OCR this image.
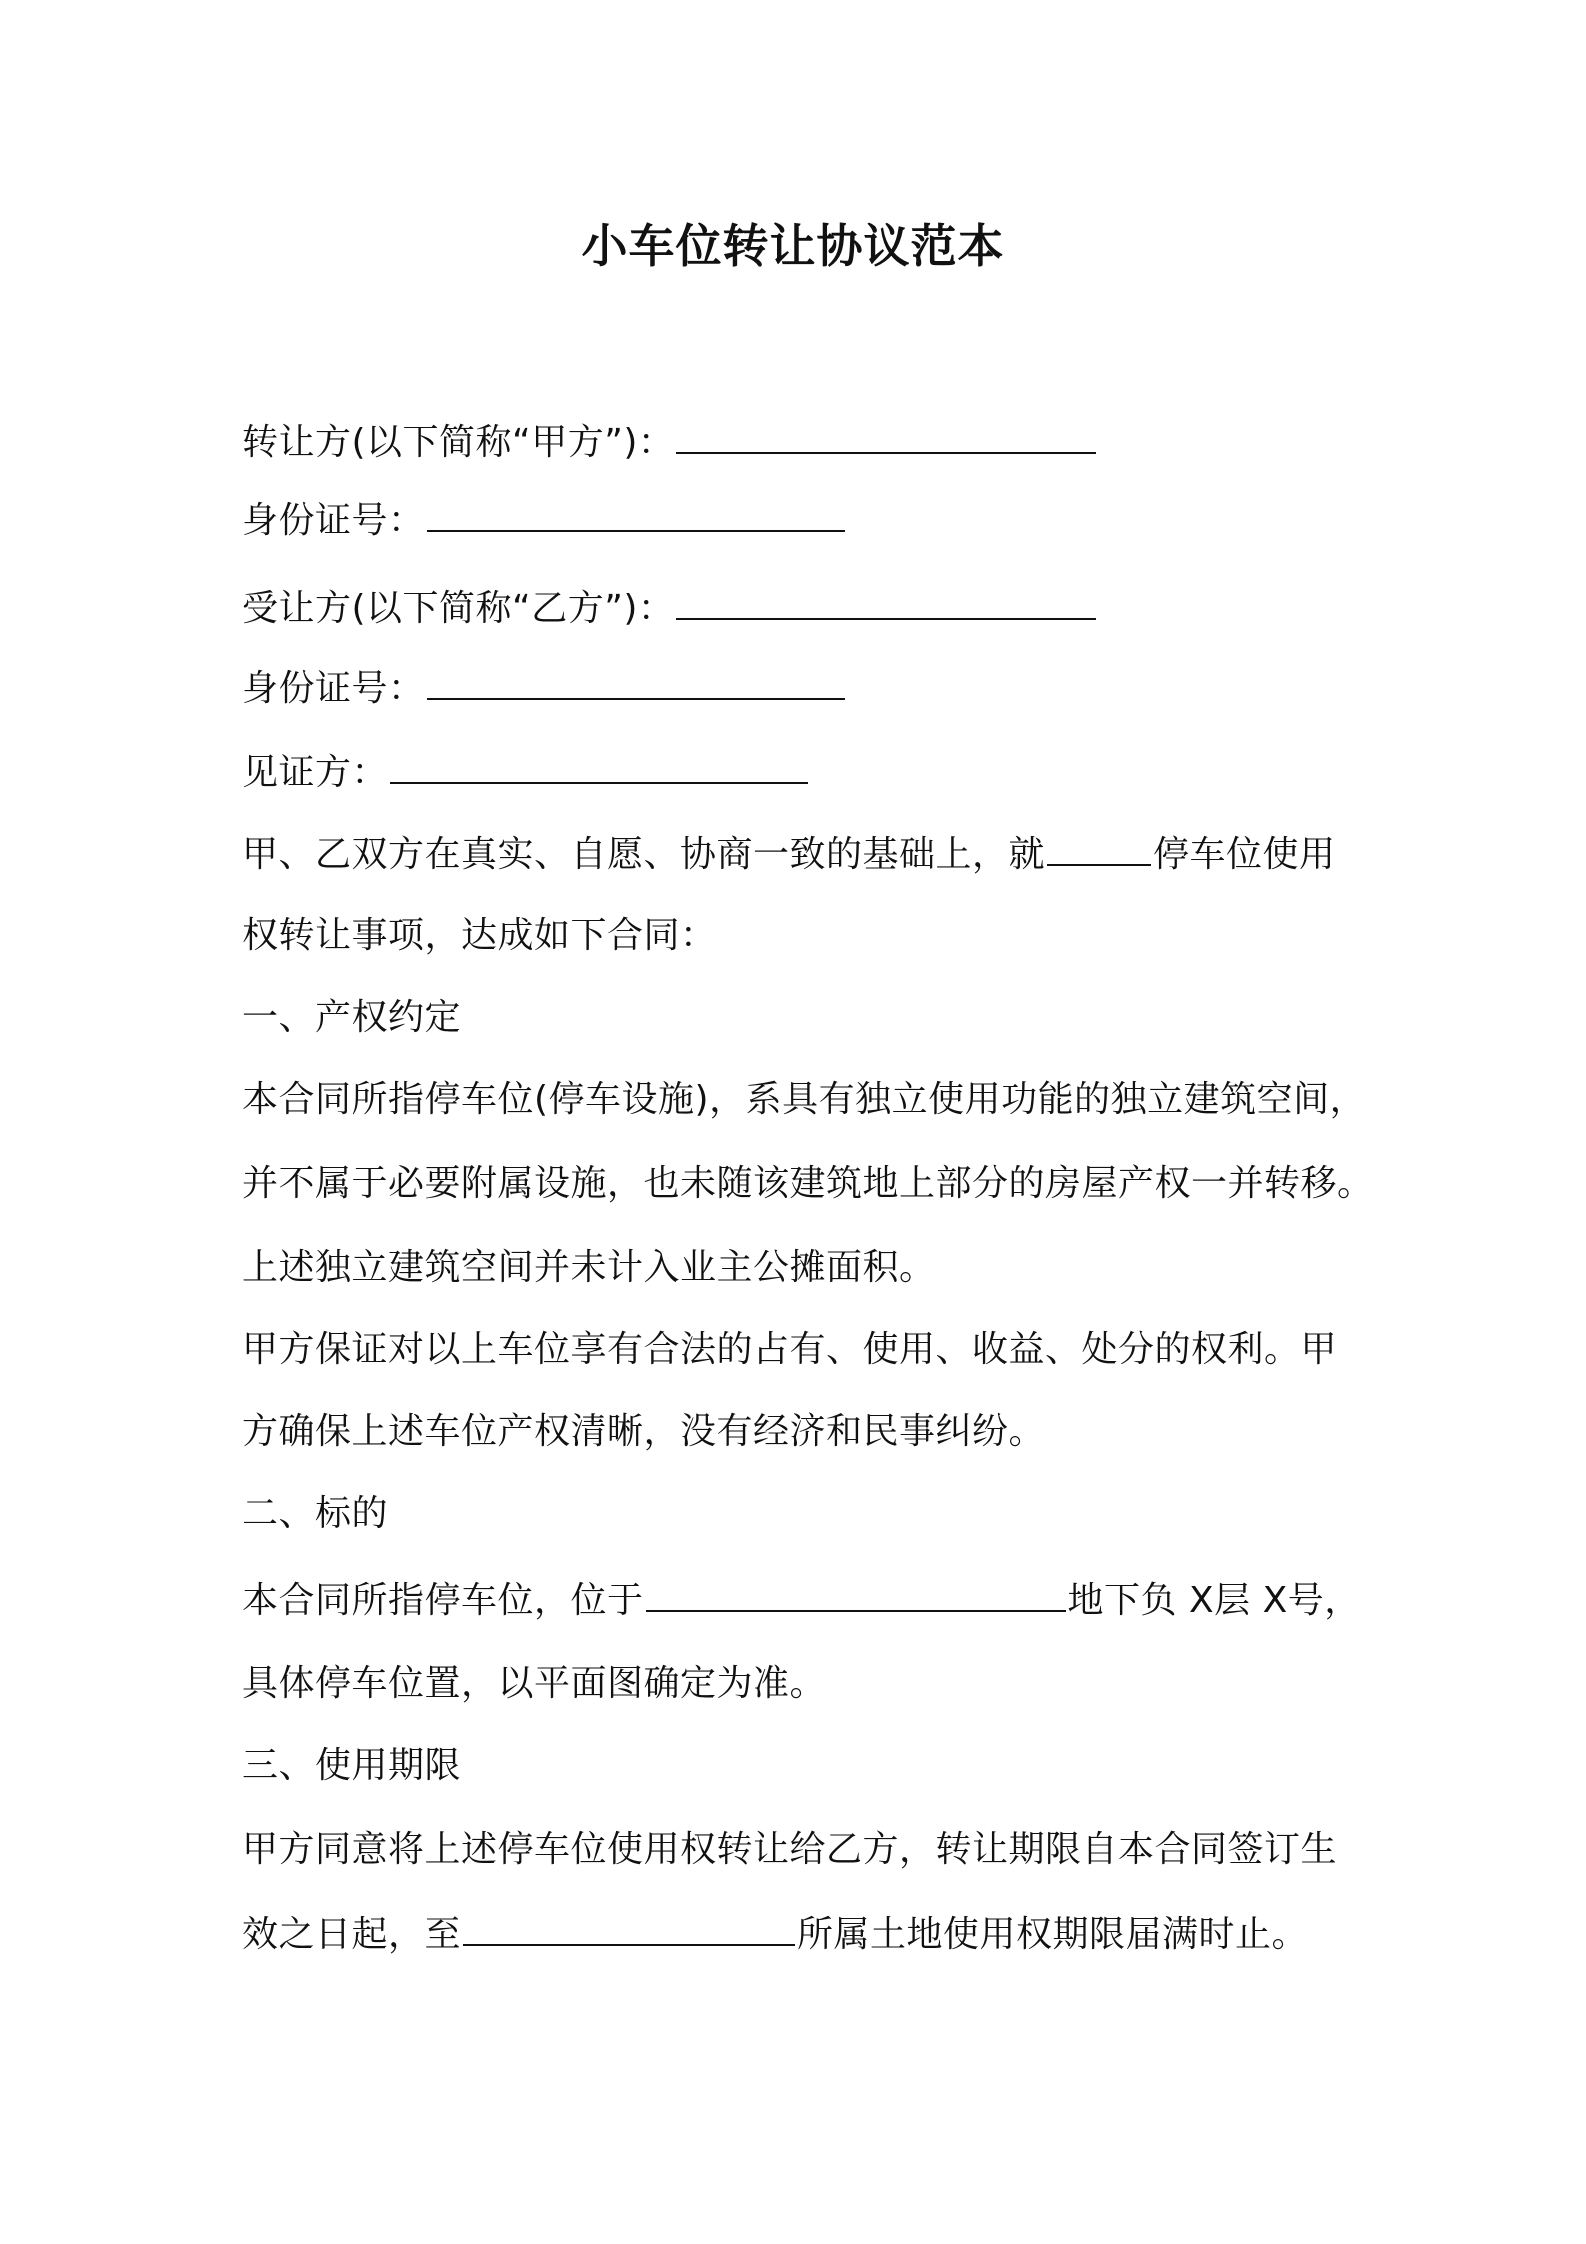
小车位转让协议范本
转让方(以下简称“甲方”)：
身份证号：
受让方(以下简称“乙方”)：
身份证号：
见证方：
甲、乙双方在真实、自愿、协商一致的基础上，就	停车位使用
权转让事项，达成如下合同：
一、产权约定
本合同所指停车位(停车设施)，系具有独立使用功能的独立建筑空间，
并不属于必要附属设施，也未随该建筑地上部分的房屋产权一并转移。
上述独立建筑空间并未计入业主公摊面积。
甲方保证对以上车位享有合法的占有、使用、收益、处分的权利。甲
方确保上述车位产权清晰，没有经济和民事纠纷。
二、标的
本合同所指停车位，位于	地下负 X层 X号，
具体停车位置，以平面图确定为准。
三、使用期限
甲方同意将上述停车位使用权转让给乙方，转让期限自本合同签订生
效之日起，至	所属土地使用权期限届满时止。
